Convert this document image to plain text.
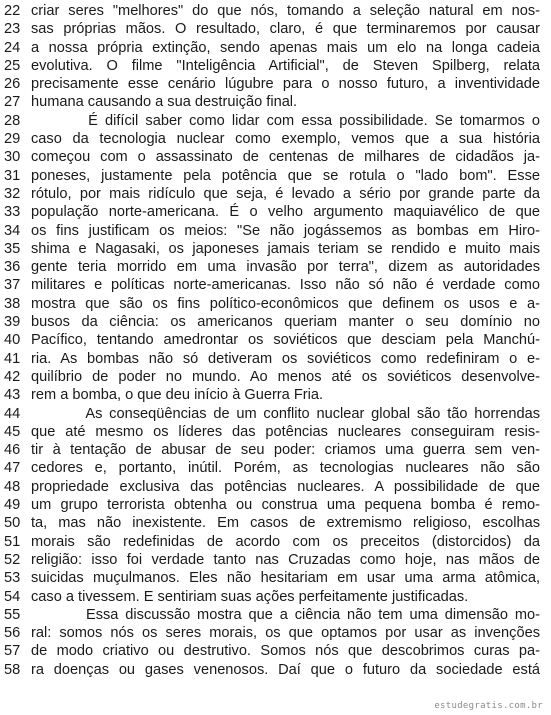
22 criar seres "melhores" do que nós, tomando a seleção natural em nos-
23 sas próprias mãos. O resultado, claro, é que terminaremos por causar
24 a nossa própria extinção, sendo apenas mais um elo na longa cadeia
25 evolutiva. O filme "Inteligência Artificial", de Steven Spilberg, relata
26 precisamente esse cenário lúgubre para o nosso futuro, a inventividade
27 humana causando a sua destruição final.
28 É difícil saber como lidar com essa possibilidade. Se tomarmos o
29 caso da tecnologia nuclear como exemplo, vemos que a sua história
30 começou com o assassinato de centenas de milhares de cidadãos ja-
31 poneses, justamente pela potência que se rotula o "lado bom". Esse
32 rótulo, por mais ridículo que seja, é levado a sério por grande parte da
33 população norte-americana. É o velho argumento maquiavélico de que
34 os fins justificam os meios: "Se não jogássemos as bombas em Hiro-
35 shima e Nagasaki, os japoneses jamais teriam se rendido e muito mais
36 gente teria morrido em uma invasão por terra", dizem as autoridades
37 militares e políticas norte-americanas. Isso não só não é verdade como
38 mostra que são os fins político-econômicos que definem os usos e a-
39 busos da ciência: os americanos queriam manter o seu domínio no
40 Pacífico, tentando amedrontar os soviéticos que desciam pela Manchú-
41 ria. As bombas não só detiveram os soviéticos como redefiniram o e-
42 quilíbrio de poder no mundo. Ao menos até os soviéticos desenvolve-
43 rem a bomba, o que deu início à Guerra Fria.
44 As conseqüências de um conflito nuclear global são tão horrendas
45 que até mesmo os líderes das potências nucleares conseguiram resis-
46 tir à tentação de abusar de seu poder: criamos uma guerra sem ven-
47 cedores e, portanto, inútil. Porém, as tecnologias nucleares não são
48 propriedade exclusiva das potências nucleares. A possibilidade de que
49 um grupo terrorista obtenha ou construa uma pequena bomba é remo-
50 ta, mas não inexistente. Em casos de extremismo religioso, escolhas
51 morais são redefinidas de acordo com os preceitos (distorcidos) da
52 religião: isso foi verdade tanto nas Cruzadas como hoje, nas mãos de
53 suicidas muçulmanos. Eles não hesitariam em usar uma arma atômica,
54 caso a tivessem. E sentiriam suas ações perfeitamente justificadas.
55 Essa discussão mostra que a ciência não tem uma dimensão mo-
56 ral: somos nós os seres morais, os que optamos por usar as invenções
57 de modo criativo ou destrutivo. Somos nós que descobrimos curas pa-
58 ra doenças ou gases venenosos. Daí que o futuro da sociedade está
estudegratis.com.br
